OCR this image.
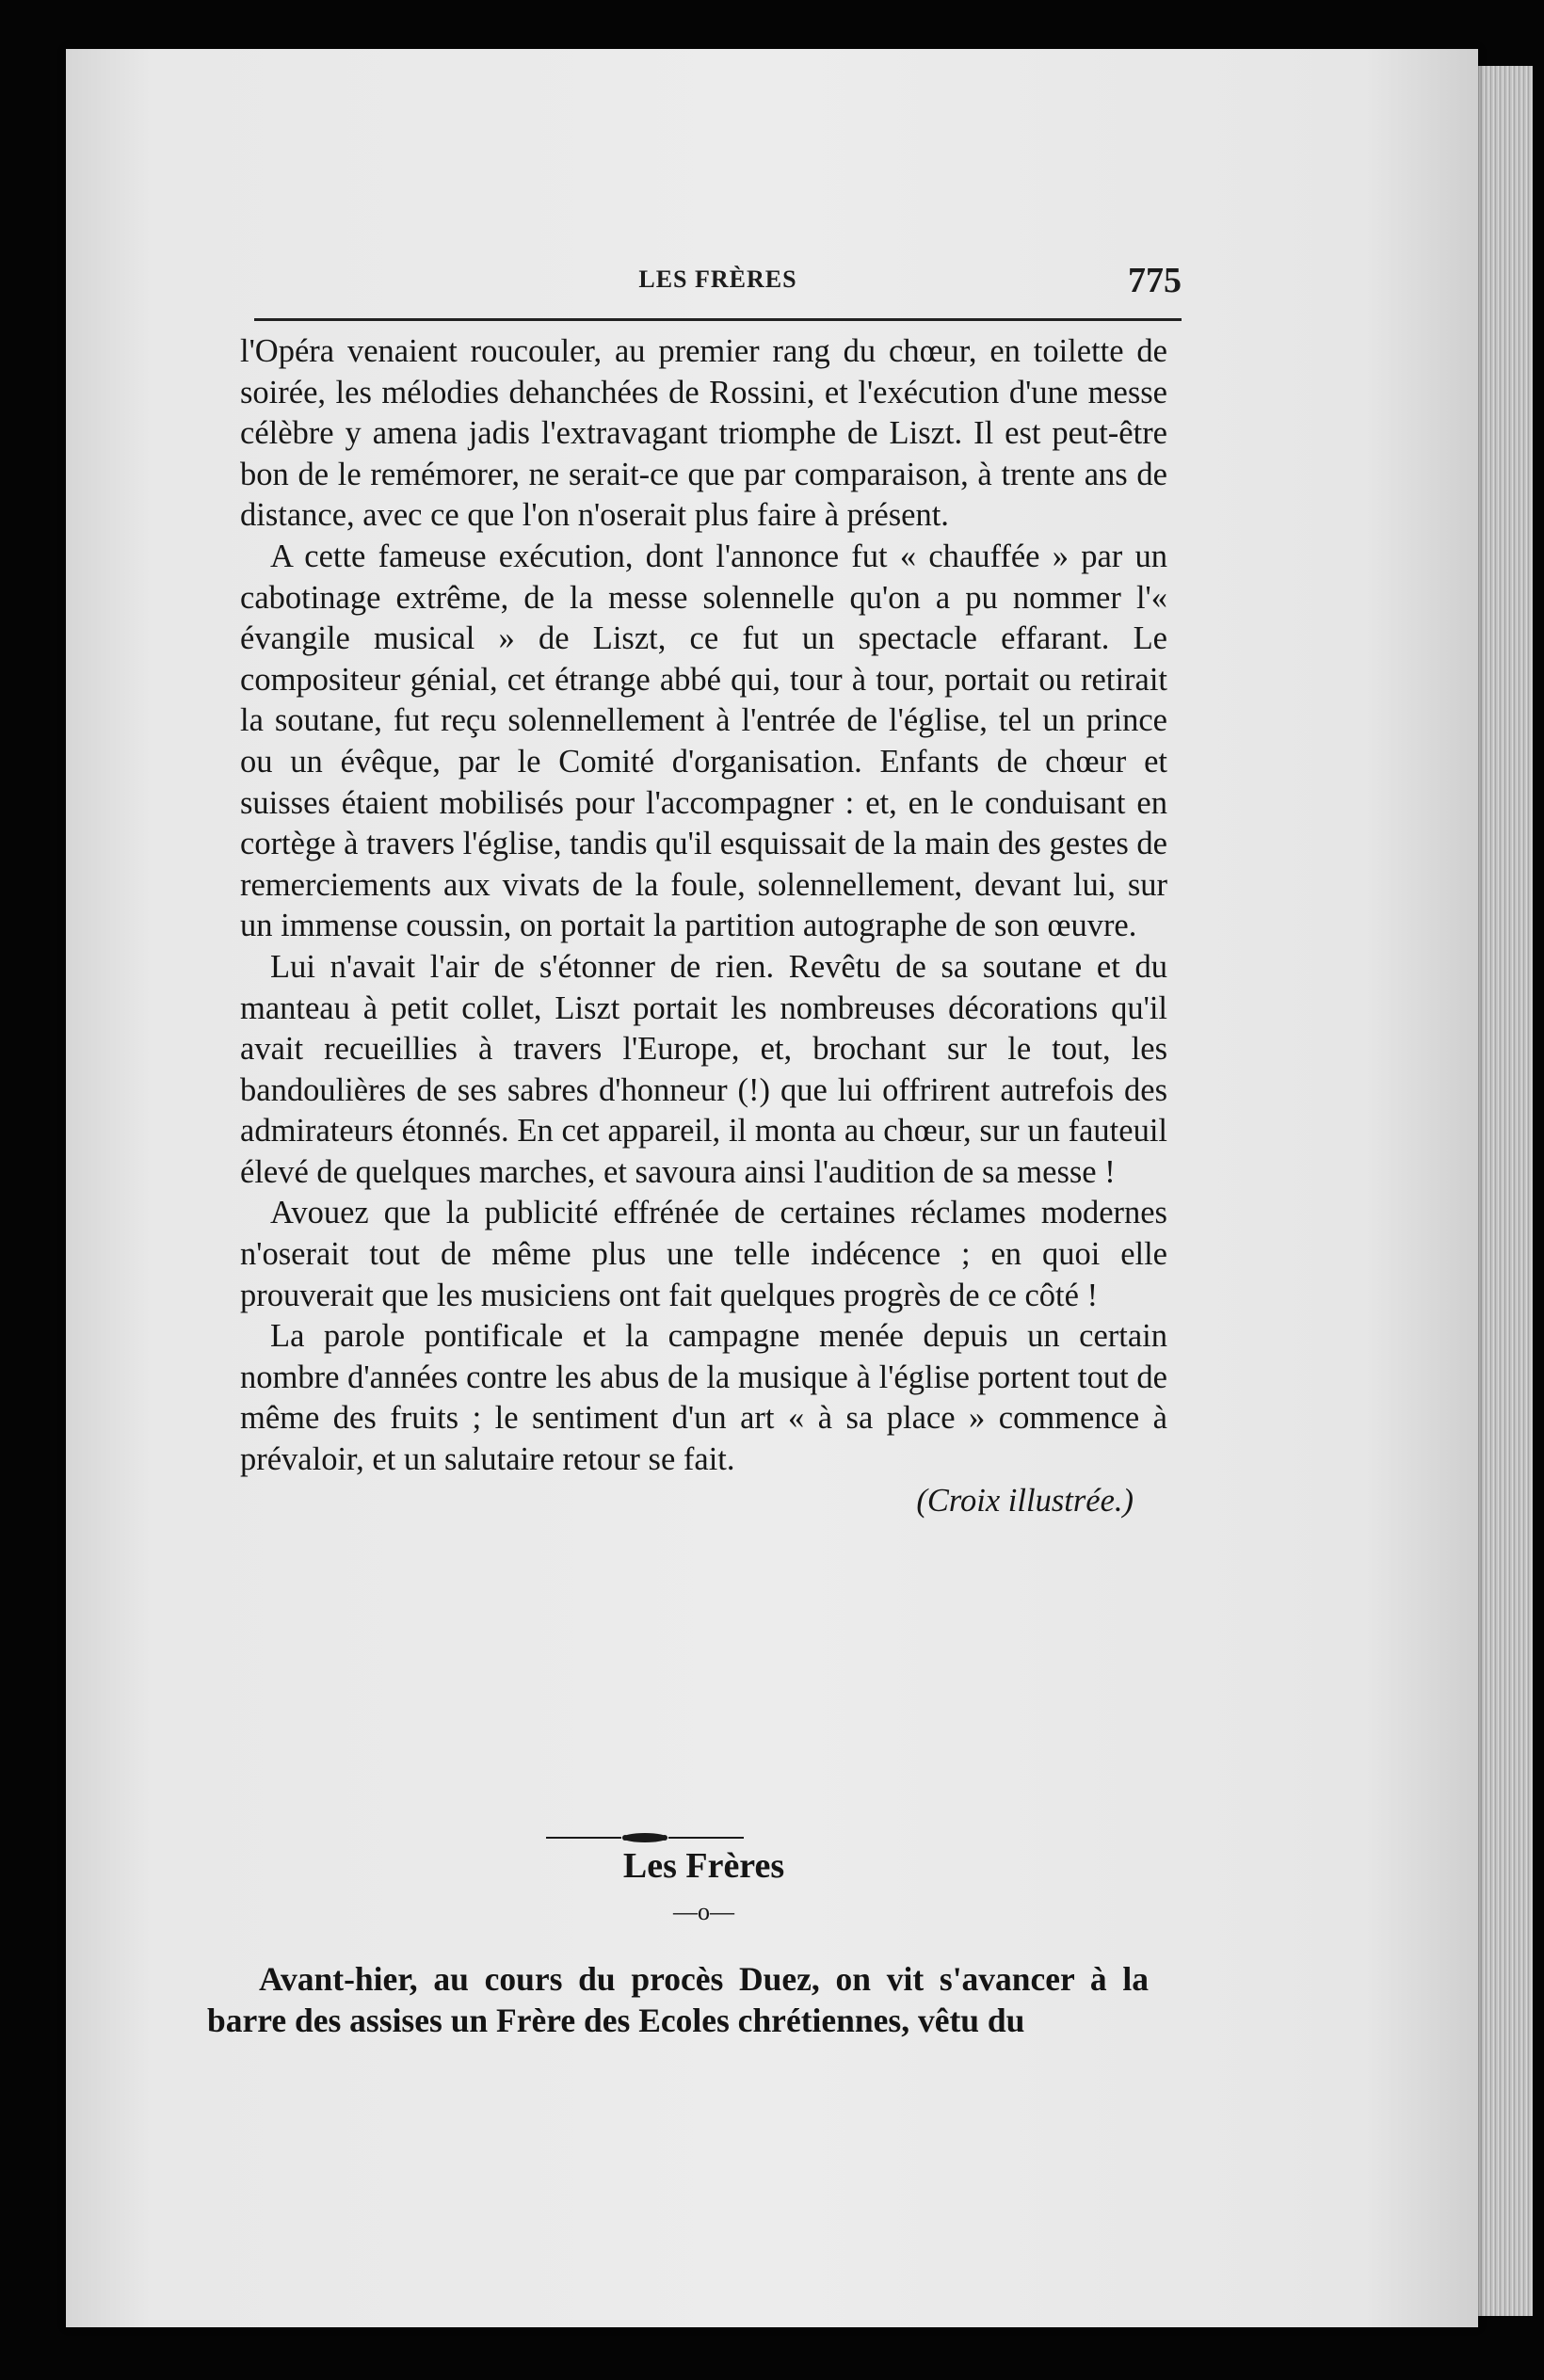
LES FRÈRES	775

l'Opéra venaient roucouler, au premier rang du chœur, en toilette de soirée, les mélodies dehanchées de Rossini, et l'exécution d'une messe célèbre y amena jadis l'extravagant triomphe de Liszt. Il est peut-être bon de le remémorer, ne serait-ce que par comparaison, à trente ans de distance, avec ce que l'on n'oserait plus faire à présent.

A cette fameuse exécution, dont l'annonce fut « chauffée » par un cabotinage extrême, de la messe solennelle qu'on a pu nommer l'« évangile musical » de Liszt, ce fut un spectacle effarant. Le compositeur génial, cet étrange abbé qui, tour à tour, portait ou retirait la soutane, fut reçu solennellement à l'entrée de l'église, tel un prince ou un évêque, par le Comité d'organisation. Enfants de chœur et suisses étaient mobilisés pour l'accompagner : et, en le conduisant en cortège à travers l'église, tandis qu'il esquissait de la main des gestes de remerciements aux vivats de la foule, solennellement, devant lui, sur un immense coussin, on portait la partition autographe de son œuvre.

Lui n'avait l'air de s'étonner de rien. Revêtu de sa soutane et du manteau à petit collet, Liszt portait les nombreuses décorations qu'il avait recueillies à travers l'Europe, et, brochant sur le tout, les bandoulières de ses sabres d'honneur (!) que lui offrirent autrefois des admirateurs étonnés. En cet appareil, il monta au chœur, sur un fauteuil élevé de quelques marches, et savoura ainsi l'audition de sa messe !

Avouez que la publicité effrénée de certaines réclames modernes n'oserait tout de même plus une telle indécence ; en quoi elle prouverait que les musiciens ont fait quelques progrès de ce côté !

La parole pontificale et la campagne menée depuis un certain nombre d'années contre les abus de la musique à l'église portent tout de même des fruits ; le sentiment d'un art « à sa place » commence à prévaloir, et un salutaire retour se fait.

(Croix illustrée.)

Les Frères
—o—

Avant-hier, au cours du procès Duez, on vit s'avancer à la barre des assises un Frère des Ecoles chrétiennes, vêtu du
